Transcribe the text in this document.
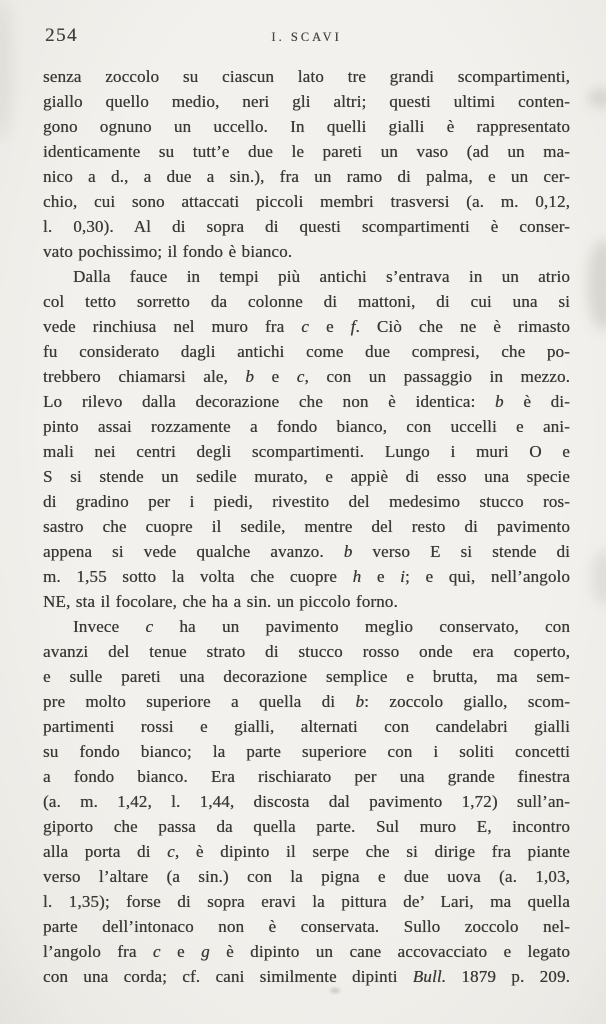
254	I. SCAVI
senza zoccolo su ciascun lato tre grandi scompartimenti,
giallo quello medio, neri gli altri; questi ultimi conten-
gono ognuno un uccello. In quelli gialli è rappresentato
identicamente su tutt’e due le pareti un vaso (ad un ma-
nico a d., a due a sin.), fra un ramo di palma, e un cer-
chio, cui sono attaccati piccoli membri trasversi (a. m. 0,12,
l. 0,30). Al di sopra di questi scompartimenti è conser-
vato pochissimo; il fondo è bianco.
Dalla fauce in tempi più antichi s’entrava in un atrio
col tetto sorretto da colonne di mattoni, di cui una si
vede rinchiusa nel muro fra c e f. Ciò che ne è rimasto
fu considerato dagli antichi come due compresi, che po-
trebbero chiamarsi ale, b e c, con un passaggio in mezzo.
Lo rilevo dalla decorazione che non è identica: b è di-
pinto assai rozzamente a fondo bianco, con uccelli e ani-
mali nei centri degli scompartimenti. Lungo i muri O e
S si stende un sedile murato, e appiè di esso una specie
di gradino per i piedi, rivestito del medesimo stucco ros-
sastro che cuopre il sedile, mentre del resto di pavimento
appena si vede qualche avanzo. b verso E si stende di
m. 1,55 sotto la volta che cuopre h e i; e qui, nell’angolo
NE, sta il focolare, che ha a sin. un piccolo forno.
Invece c ha un pavimento meglio conservato, con
avanzi del tenue strato di stucco rosso onde era coperto,
e sulle pareti una decorazione semplice e brutta, ma sem-
pre molto superiore a quella di b: zoccolo giallo, scom-
partimenti rossi e gialli, alternati con candelabri gialli
su fondo bianco; la parte superiore con i soliti concetti
a fondo bianco. Era rischiarato per una grande finestra
(a. m. 1,42, l. 1,44, discosta dal pavimento 1,72) sull’an-
giporto che passa da quella parte. Sul muro E, incontro
alla porta di c, è dipinto il serpe che si dirige fra piante
verso l’altare (a sin.) con la pigna e due uova (a. 1,03,
l. 1,35); forse di sopra eravi la pittura de’ Lari, ma quella
parte dell’intonaco non è conservata. Sullo zoccolo nel-
l’angolo fra c e g è dipinto un cane accovacciato e legato
con una corda; cf. cani similmente dipinti Bull. 1879 p. 209.
